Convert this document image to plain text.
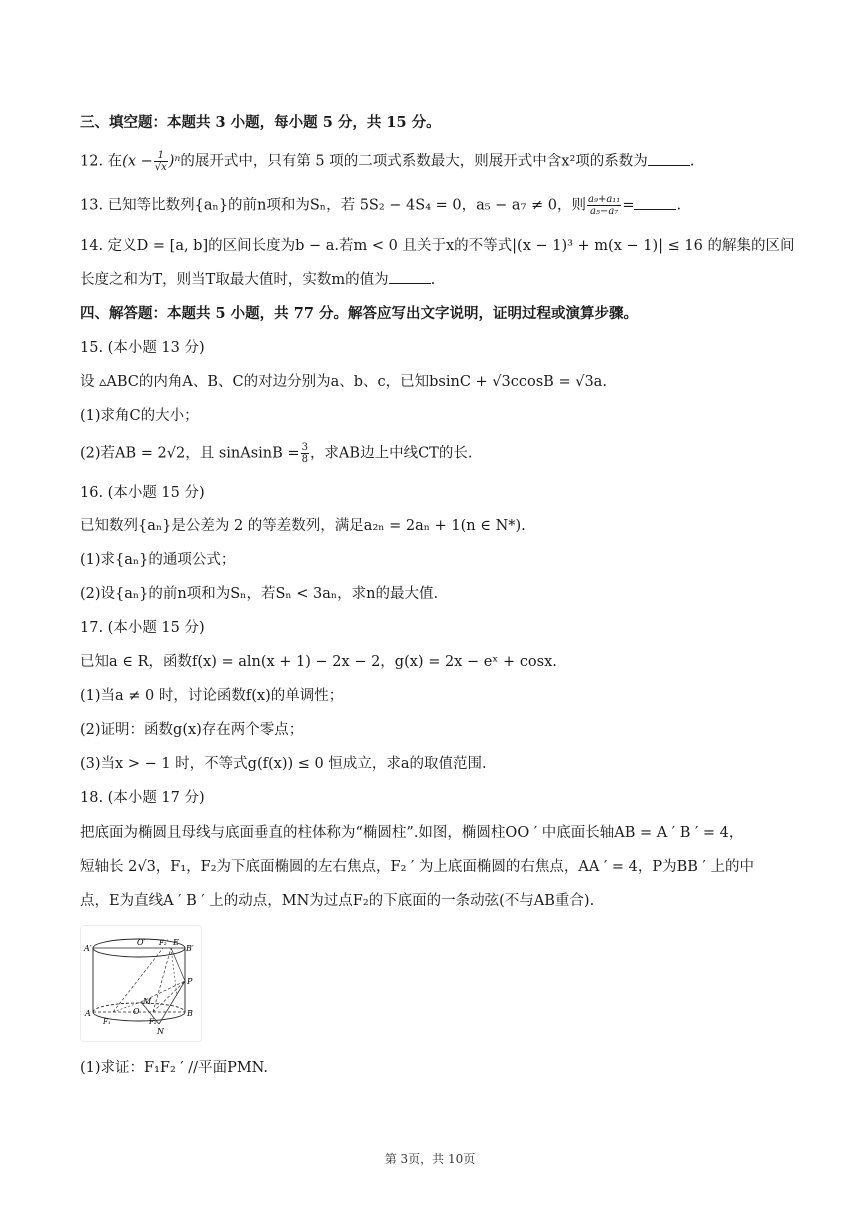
三、填空题：本题共 3 小题，每小题 5 分，共 15 分。
12. 在$(x - \frac{1}{√x} )^n$的展开式中，只有第 5 项的二项式系数最大，则展开式中含x²项的系数为	.
13. 已知等比数列{aₙ}的前n项和为Sₙ，若 5S₂ − 4S₄ = 0，a₅ − a₇ ≠ 0，则 $\frac{\text{a₉+a₁₁}}{\text{a₅−a₇}}$ =	.
14. 定义D = [a, b]的区间长度为b − a.若m < 0 且关于x的不等式|(x − 1)³ + m(x − 1)| ≤ 16 的解集的区间
长度之和为T，则当T取最大值时，实数m的值为	.
四、解答题：本题共 5 小题，共 77 分。解答应写出文字说明，证明过程或演算步骤。
15. (本小题 13 分)
设 ▵ABC的内角A、B、C的对边分别为a、b、c，已知bsinC + √3ccosB = √3a.
(1)求角C的大小；
(2)若AB = 2√2，且 sinAsinB = $\frac{3}{8}$ ，求AB边上中线CT的长.
16. (本小题 15 分)
已知数列{aₙ}是公差为 2 的等差数列，满足a₂ₙ = 2aₙ + 1(n ∈ N*).
(1)求{aₙ}的通项公式；
(2)设{aₙ}的前n项和为Sₙ，若Sₙ < 3aₙ，求n的最大值.
17. (本小题 15 分)
已知a ∈ R，函数f(x) = aln(x + 1) − 2x − 2，g(x) = 2x − eˣ + cosx.
(1)当a ≠ 0 时，讨论函数f(x)的单调性；
(2)证明：函数g(x)存在两个零点；
(3)当x > − 1 时，不等式g(f(x)) ≤ 0 恒成立，求a的取值范围.
18. (本小题 17 分)
把底面为椭圆且母线与底面垂直的柱体称为“椭圆柱”.如图，椭圆柱OO ′ 中底面长轴AB = A ′ B ′ = 4，
短轴长 2√3，F₁，F₂为下底面椭圆的左右焦点，F₂ ′ 为上底面椭圆的右焦点，AA ′ = 4，P为BB ′ 上的中
点，E为直线A ′ B ′ 上的动点，MN为过点F₂的下底面的一条动弦(不与AB重合).
A′
O′ F₂′ E
B′
P
M
O
A	B
F₁	F₂
N
(1)求证：F₁F₂ ′ //平面PMN.
第 3页，共 10页
